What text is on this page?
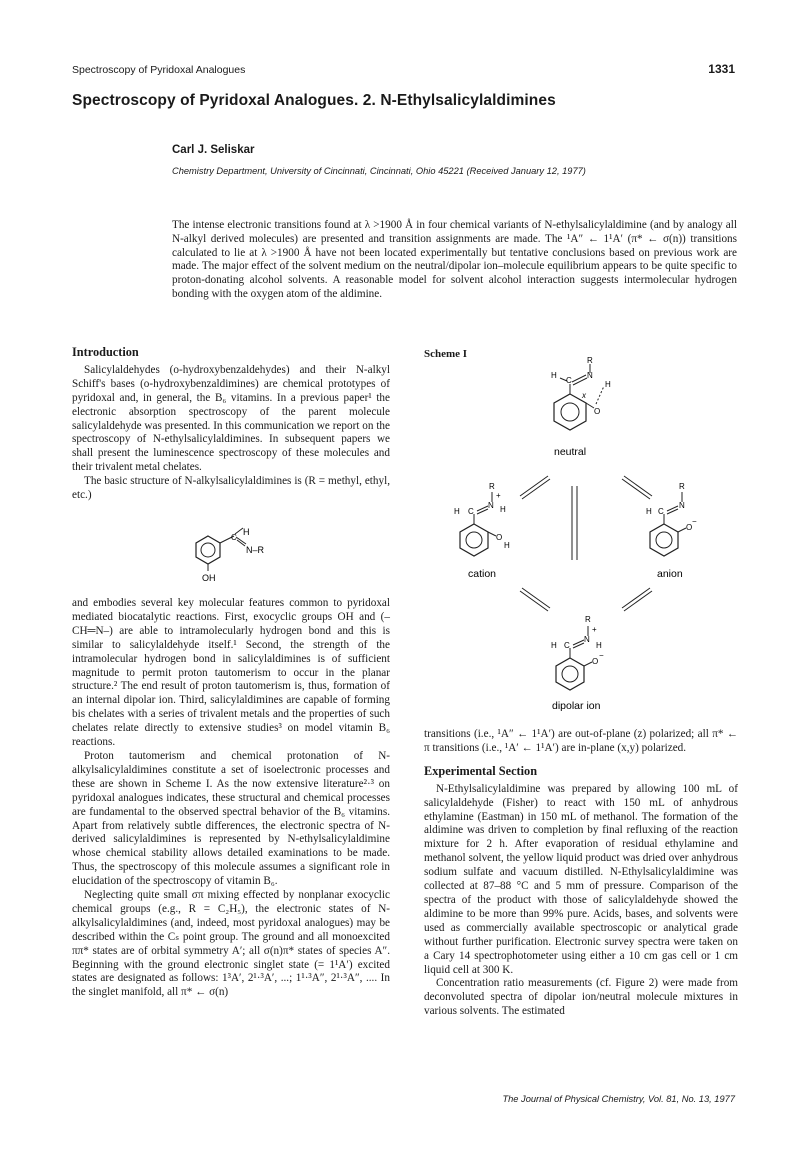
Spectroscopy of Pyridoxal Analogues	1331
Spectroscopy of Pyridoxal Analogues. 2. N-Ethylsalicylaldimines
Carl J. Seliskar
Chemistry Department, University of Cincinnati, Cincinnati, Ohio 45221 (Received January 12, 1977)
The intense electronic transitions found at λ >1900 Å in four chemical variants of N-ethylsalicylaldimine (and by analogy all N-alkyl derived molecules) are presented and transition assignments are made. The ¹A″ ← 1¹A′ (π* ← σ(n)) transitions calculated to lie at λ >1900 Å have not been located experimentally but tentative conclusions based on previous work are made. The major effect of the solvent medium on the neutral/dipolar ion–molecule equilibrium appears to be quite specific to proton-donating alcohol solvents. A reasonable model for solvent alcohol interaction suggests intermolecular hydrogen bonding with the oxygen atom of the aldimine.
Introduction

Salicylaldehydes (o-hydroxybenzaldehydes) and their N-alkyl Schiff's bases (o-hydroxybenzaldimines) are chemical prototypes of pyridoxal and, in general, the B₆ vitamins. In a previous paper¹ the electronic absorption spectroscopy of the parent molecule salicylaldehyde was presented. In this communication we report on the spectroscopy of N-ethylsalicylaldimines. In subsequent papers we shall present the luminescence spectroscopy of these molecules and their trivalent metal chelates.

The basic structure of N-alkylsalicylaldimines is (R = methyl, ethyl, etc.)

H
C
N–R
OH

and embodies several key molecular features common to pyridoxal mediated biocatalytic reactions. First, exocyclic groups OH and (–CH═N–) are able to intramolecularly hydrogen bond and this is similar to salicylaldehyde itself.¹ Second, the strength of the intramolecular hydrogen bond in salicylaldimines is of sufficient magnitude to permit proton tautomerism to occur in the planar structure.² The end result of proton tautomerism is, thus, formation of an internal dipolar ion. Third, salicylaldimines are capable of forming bis chelates with a series of trivalent metals and the properties of such chelates relate directly to extensive studies³ on model vitamin B₆ reactions.

Proton tautomerism and chemical protonation of N-alkylsalicylaldimines constitute a set of isoelectronic processes and these are shown in Scheme I. As the now extensive literature²·³ on pyridoxal analogues indicates, these structural and chemical processes are fundamental to the observed spectral behavior of the B₆ vitamins. Apart from relatively subtle differences, the electronic spectra of N-derived salicylaldimines is represented by N-ethylsalicylaldimine whose chemical stability allows detailed examinations to be made. Thus, the spectroscopy of this molecule assumes a significant role in elucidation of the spectroscopy of vitamin B₆.

Neglecting quite small σπ mixing effected by nonplanar exocyclic chemical groups (e.g., R = C₂H₅), the electronic states of N-alkylsalicylaldimines (and, indeed, most pyridoxal analogues) may be described within the Cₛ point group. The ground and all monoexcited ππ* states are of orbital symmetry A′; all σ(n)π* states of species A″. Beginning with the ground electronic singlet state (= 1¹A′) excited states are designated as follows: 1³A′, 2¹·³A′, ...; 1¹·³A″, 2¹·³A″, .... In the singlet manifold, all π* ← σ(n)

Scheme I
R
H
C
N
H
O
x
neutral
R
H C
N
+
H
O
H
cation
R
H C
N
O
−
anion
R
H C
N
+
H
O
−
dipolar ion

transitions (i.e., ¹A″ ← 1¹A′) are out-of-plane (z) polarized; all π* ← π transitions (i.e., ¹A′ ← 1¹A′) are in-plane (x,y) polarized.

Experimental Section

N-Ethylsalicylaldimine was prepared by allowing 100 mL of salicylaldehyde (Fisher) to react with 150 mL of anhydrous ethylamine (Eastman) in 150 mL of methanol. The formation of the aldimine was driven to completion by final refluxing of the reaction mixture for 2 h. After evaporation of residual ethylamine and methanol solvent, the yellow liquid product was dried over anhydrous sodium sulfate and vacuum distilled. N-Ethylsalicylaldimine was collected at 87–88 °C and 5 mm of pressure. Comparison of the spectra of the product with those of salicylaldehyde showed the aldimine to be more than 99% pure. Acids, bases, and solvents were used as commercially available spectroscopic or analytical grade without further purification. Electronic survey spectra were taken on a Cary 14 spectrophotometer using either a 10 cm gas cell or 1 cm liquid cell at 300 K.

Concentration ratio measurements (cf. Figure 2) were made from deconvoluted spectra of dipolar ion/neutral molecule mixtures in various solvents. The estimated

The Journal of Physical Chemistry, Vol. 81, No. 13, 1977
